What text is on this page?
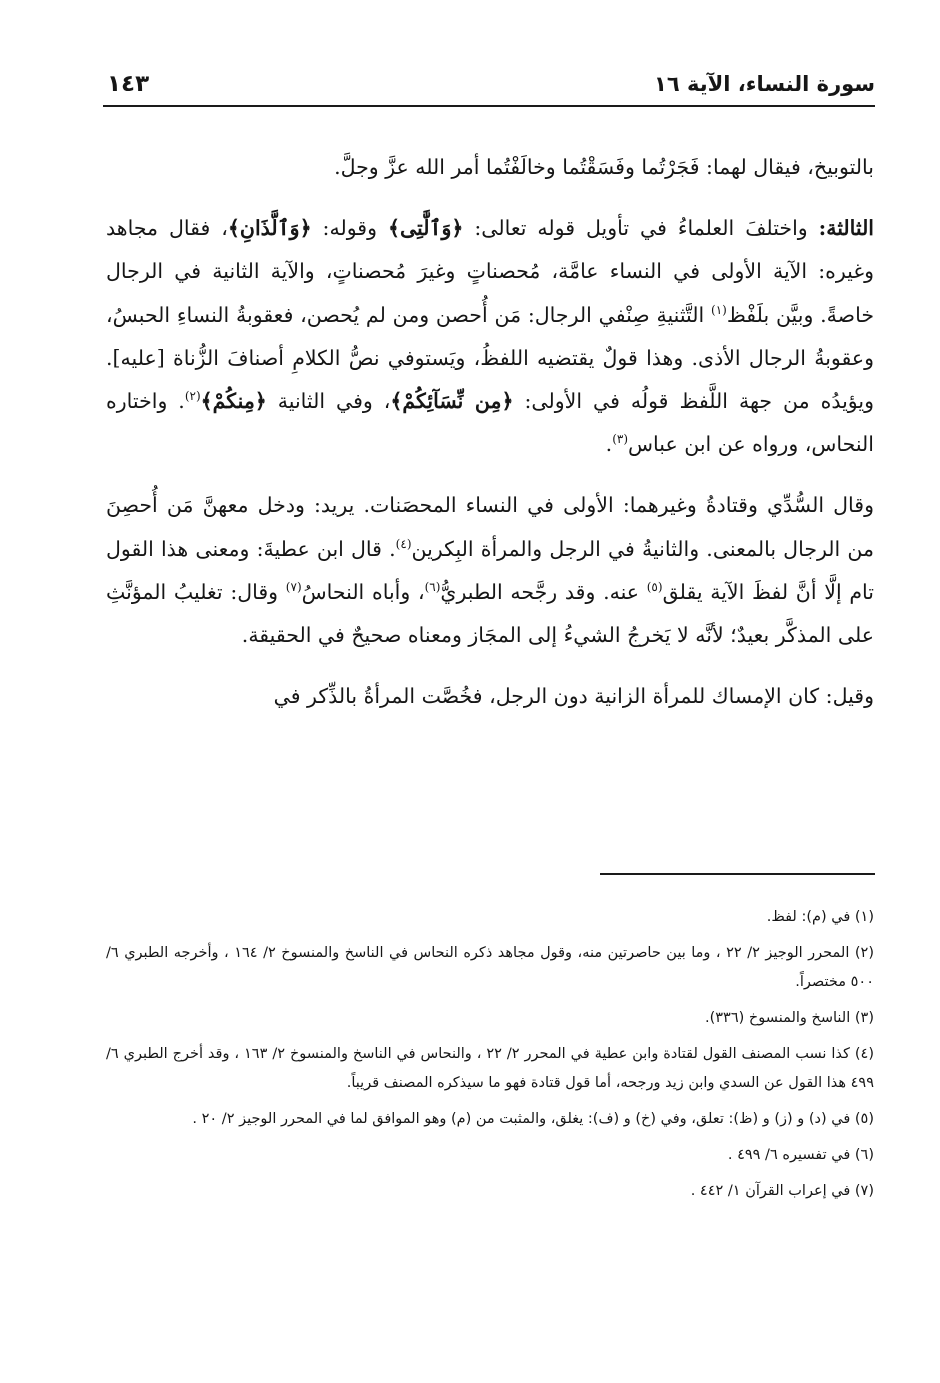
سورة النساء، الآية ١٦
١٤٣

بالتوبيخ، فيقال لهما: فَجَرْتُما وفَسَقْتُما وخالَفْتُما أمر الله عزَّ وجلَّ.

الثالثة: واختلفَ العلماءُ في تأويل قوله تعالى: ﴿وَٱلَّٰتِى﴾ وقوله: ﴿وَٱلَّذَانِ﴾، فقال مجاهد وغيره: الآية الأولى في النساء عامَّة، مُحصناتٍ وغيرَ مُحصناتٍ، والآية الثانية في الرجال خاصةً. وبيَّن بلَفْظ$^{(١)}$ التَّثنيةِ صِنْفي الرجال: مَن أُحصن ومن لم يُحصن، فعقوبةُ النساءِ الحبسُ، وعقوبةُ الرجال الأذى. وهذا قولٌ يقتضيه اللفظُ، ويَستوفي نصُّ الكلامِ أصنافَ الزُّناة [عليه]. ويؤيدُه من جهة اللَّفظ قولُه في الأولى: ﴿مِن نِّسَآئِكُمْ﴾، وفي الثانية ﴿مِنكُمْ﴾$^{(٢)}$. واختاره النحاس، ورواه عن ابن عباس$^{(٣)}$.

وقال السُّدِّي وقتادةُ وغيرهما: الأولى في النساء المحصَنات. يريد: ودخل معهنَّ مَن أُحصِنَ من الرجال بالمعنى. والثانيةُ في الرجل والمرأة البِكرين$^{(٤)}$. قال ابن عطيةَ: ومعنى هذا القول تام إلَّا أنَّ لفظَ الآية يقلق$^{(٥)}$ عنه. وقد رجَّحه الطبريُّ$^{(٦)}$، وأباه النحاسُ$^{(٧)}$ وقال: تغليبُ المؤنَّثِ على المذكَّر بعيدٌ؛ لأنَّه لا يَخرجُ الشيءُ إلى المجَاز ومعناه صحيحٌ في الحقيقة.

وقيل: كان الإمساك للمرأة الزانية دون الرجل، فخُصَّت المرأةُ بالذِّكر في

(١) في (م): لفظ.

(٢) المحرر الوجيز ٢/ ٢٢ ، وما بين حاصرتين منه، وقول مجاهد ذكره النحاس في الناسخ والمنسوخ ٢/ ١٦٤ ، وأخرجه الطبري ٦/ ٥٠٠ مختصراً.

(٣) الناسخ والمنسوخ (٣٣٦).

(٤) كذا نسب المصنف القول لقتادة وابن عطية في المحرر ٢/ ٢٢ ، والنحاس في الناسخ والمنسوخ ٢/ ١٦٣ ، وقد أخرج الطبري ٦/ ٤٩٩ هذا القول عن السدي وابن زيد ورجحه، أما قول قتادة فهو ما سيذكره المصنف قريباً.

(٥) في (د) و (ز) و (ظ): تعلق، وفي (خ) و (ف): يغلق، والمثبت من (م) وهو الموافق لما في المحرر الوجيز ٢/ ٢٠ .

(٦) في تفسيره ٦/ ٤٩٩ .

(٧) في إعراب القرآن ١/ ٤٤٢ .
